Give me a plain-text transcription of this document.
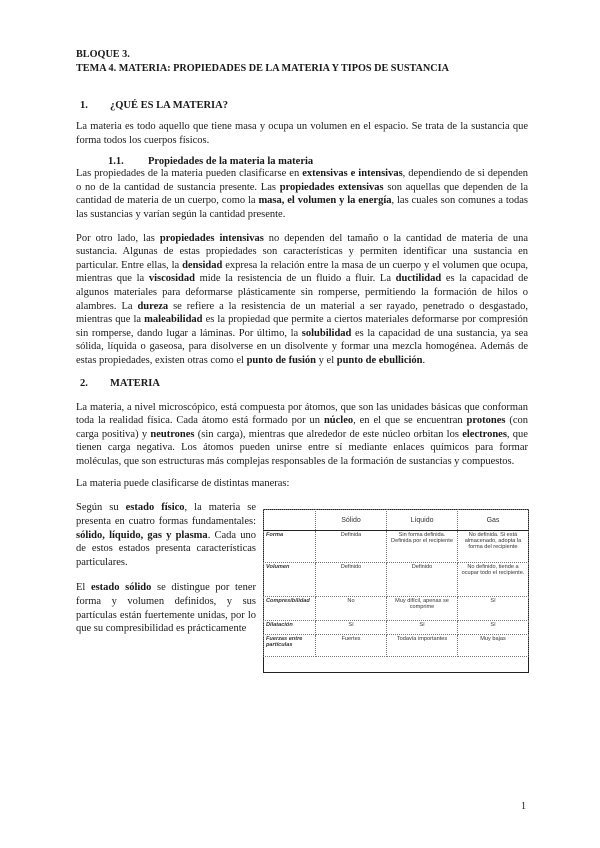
BLOQUE 3.

TEMA 4. MATERIA: PROPIEDADES DE LA MATERIA Y TIPOS DE SUSTANCIA

1.	¿QUÉ ES LA MATERIA?

La materia es todo aquello que tiene masa y ocupa un volumen en el espacio. Se trata de la sustancia que forma todos los cuerpos físicos.

1.1.	Propiedades de la materia la materia

Las propiedades de la materia pueden clasificarse en extensivas e intensivas, dependiendo de si dependen o no de la cantidad de sustancia presente. Las propiedades extensivas son aquellas que dependen de la cantidad de materia de un cuerpo, como la masa, el volumen y la energía, las cuales son comunes a todas las sustancias y varían según la cantidad presente.

Por otro lado, las propiedades intensivas no dependen del tamaño o la cantidad de materia de una sustancia. Algunas de estas propiedades son características y permiten identificar una sustancia en particular. Entre ellas, la densidad expresa la relación entre la masa de un cuerpo y el volumen que ocupa, mientras que la viscosidad mide la resistencia de un fluido a fluir. La ductilidad es la capacidad de algunos materiales para deformarse plásticamente sin romperse, permitiendo la formación de hilos o alambres. La dureza se refiere a la resistencia de un material a ser rayado, penetrado o desgastado, mientras que la maleabilidad es la propiedad que permite a ciertos materiales deformarse por compresión sin romperse, dando lugar a láminas. Por último, la solubilidad es la capacidad de una sustancia, ya sea sólida, líquida o gaseosa, para disolverse en un disolvente y formar una mezcla homogénea. Además de estas propiedades, existen otras como el punto de fusión y el punto de ebullición.

2.	MATERIA

La materia, a nivel microscópico, está compuesta por átomos, que son las unidades básicas que conforman toda la realidad física. Cada átomo está formado por un núcleo, en el que se encuentran protones (con carga positiva) y neutrones (sin carga), mientras que alrededor de este núcleo orbitan los electrones, que tienen carga negativa. Los átomos pueden unirse entre sí mediante enlaces químicos para formar moléculas, que son estructuras más complejas responsables de la formación de sustancias y compuestos.

La materia puede clasificarse de distintas maneras:

Según su estado físico, la materia se presenta en cuatro formas fundamentales: sólido, líquido, gas y plasma. Cada uno de estos estados presenta características particulares.

El estado sólido se distingue por tener forma y volumen definidos, y sus partículas están fuertemente unidas, por lo que su compresibilidad es prácticamente

	Sólido	Líquido	Gas
Forma	Definida	Sin forma definida. Definida por el recipiente	No definida. Si está almacenado, adopta la forma del recipiente
Volumen	Definido	Definido	No definido, tiende a ocupar todo el recipiente.
Compresibilidad	No	Muy difícil, apenas se comprime	Sí
Dilatación	Sí	Sí	Sí
Fuerzas entre partículas	Fuertes	Todavía importantes	Muy bajas
1
